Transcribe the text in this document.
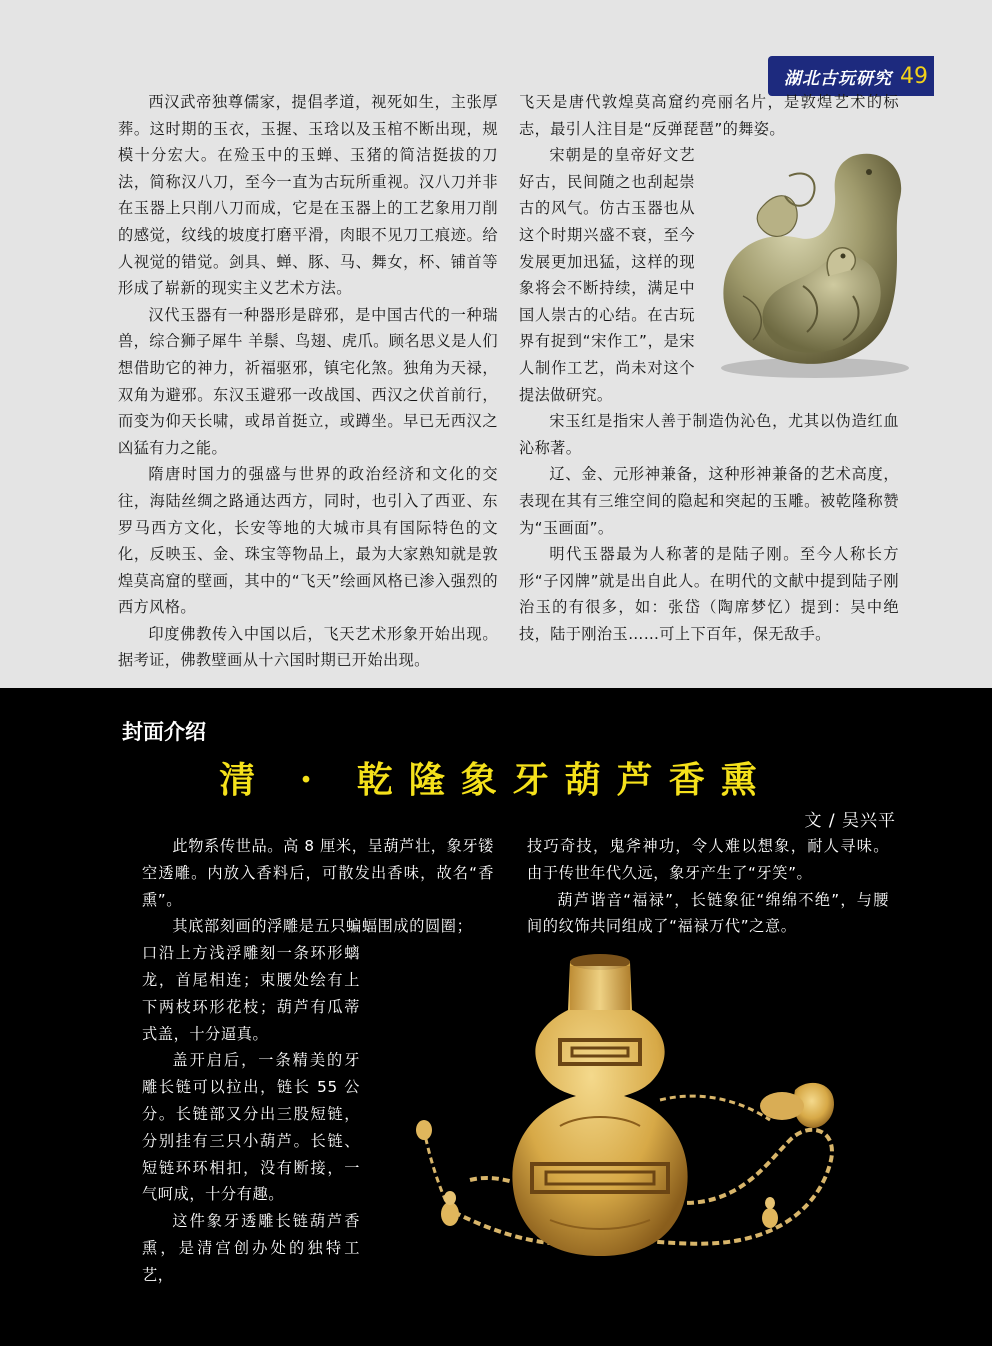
湖北古玩研究 49

西汉武帝独尊儒家，提倡孝道，视死如生，主张厚葬。这时期的玉衣，玉握、玉琀以及玉棺不断出现，规模十分宏大。在殓玉中的玉蝉、玉猪的简洁挺拔的刀法，简称汉八刀，至今一直为古玩所重视。汉八刀并非在玉器上只削八刀而成，它是在玉器上的工艺象用刀削的感觉，纹线的坡度打磨平滑，肉眼不见刀工痕迹。给人视觉的错觉。剑具、蝉、豚、马、舞女，杯、铺首等形成了崭新的现实主义艺术方法。

汉代玉器有一种器形是辟邪，是中国古代的一种瑞兽，综合狮子犀牛 羊鬃、鸟翅、虎爪。顾名思义是人们想借助它的神力，祈福驱邪，镇宅化煞。独角为天禄，双角为避邪。东汉玉避邪一改战国、西汉之伏首前行，而变为仰天长啸，或昂首挺立，或蹲坐。早已无西汉之凶猛有力之能。

隋唐时国力的强盛与世界的政治经济和文化的交往，海陆丝绸之路通达西方，同时，也引入了西亚、东罗马西方文化，长安等地的大城市具有国际特色的文化，反映玉、金、珠宝等物品上，最为大家熟知就是敦煌莫高窟的壁画，其中的“飞天”绘画风格已渗入强烈的西方风格。

印度佛教传入中国以后，飞天艺术形象开始出现。据考证，佛教壁画从十六国时期已开始出现。

飞天是唐代敦煌莫高窟约亮丽名片，是敦煌艺术的标志，最引人注目是“反弹琵琶”的舞姿。

宋朝是的皇帝好文艺好古，民间随之也刮起崇古的风气。仿古玉器也从这个时期兴盛不衰，至今发展更加迅猛，这样的现象将会不断持续，满足中国人崇古的心结。在古玩界有捉到“宋作工”，是宋人制作工艺，尚未对这个提法做研究。

宋玉红是指宋人善于制造伪沁色，尤其以伪造红血沁称著。

辽、金、元形神兼备，这种形神兼备的艺术高度，表现在其有三维空间的隐起和突起的玉雕。被乾隆称赞为“玉画面”。

明代玉器最为人称著的是陆子刚。至今人称长方形“子冈牌”就是出自此人。在明代的文献中提到陆子刚治玉的有很多，如：张岱（陶席梦忆）提到：吴中绝技，陆于刚治玉……可上下百年，保无敌手。

封面介绍
清 · 乾隆象牙葫芦香熏
文 / 吴兴平

此物系传世品。高 8 厘米，呈葫芦壮，象牙镂空透雕。内放入香料后，可散发出香味，故名“香熏”。

其底部刻画的浮雕是五只蝙蝠围成的圆圈；

口沿上方浅浮雕刻一条环形螭龙，首尾相连；束腰处绘有上下两枝环形花枝；葫芦有瓜蒂式盖，十分逼真。

盖开启后，一条精美的牙雕长链可以拉出，链长 55 公分。长链部又分出三股短链，分别挂有三只小葫芦。长链、短链环环相扣，没有断接，一气呵成，十分有趣。

这件象牙透雕长链葫芦香熏，是清宫创办处的独特工艺，

技巧奇技，鬼斧神功，令人难以想象，耐人寻味。由于传世年代久远，象牙产生了“牙笑”。

葫芦谐音“福禄”，长链象征“绵绵不绝”，与腰间的纹饰共同组成了“福禄万代”之意。
